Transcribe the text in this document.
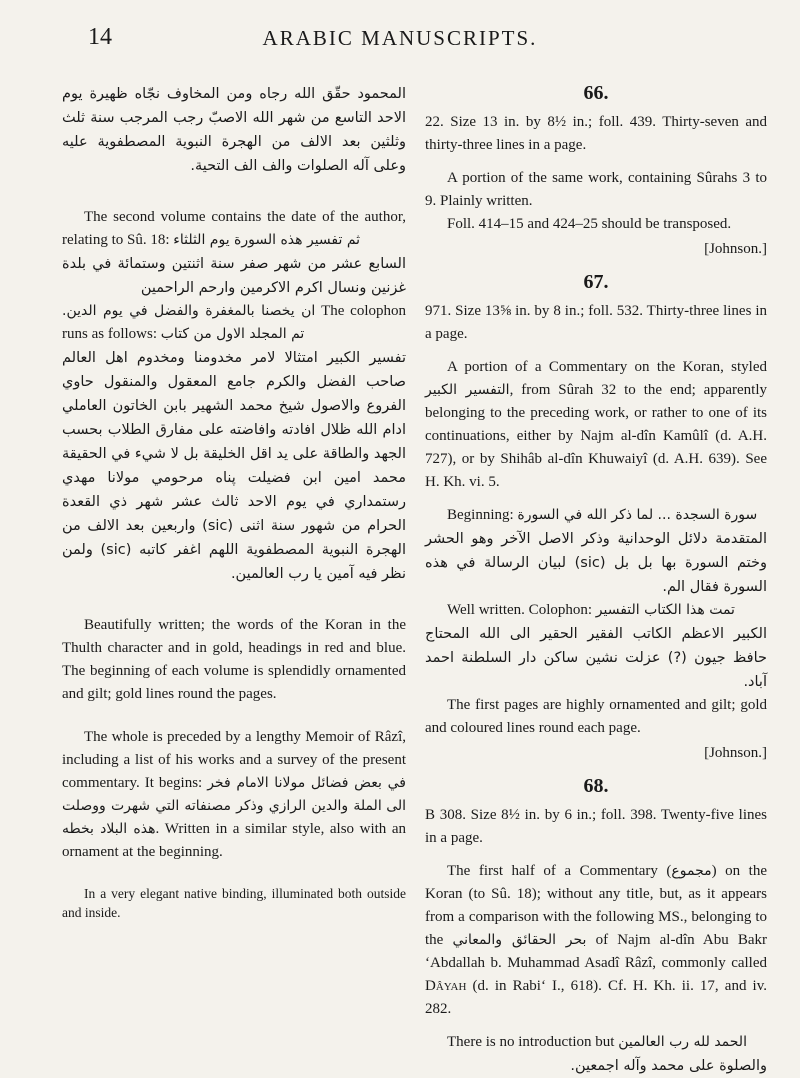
14	ARABIC MANUSCRIPTS.

المحمود حقّق الله رجاه ومن المخاوف نجّاه ظهيرة يوم الاحد التاسع من شهر الله الاصبّ رجب المرجب سنة ثلث وثلثين بعد الالف من الهجرة النبوية المصطفوية عليه وعلى آله الصلوات والف الف التحية.

The second volume contains the date of the author, relating to Sû. 18: ثم تفسير هذه السورة يوم الثلثاء

السابع عشر من شهر صفر سنة اثنتين وستمائة في بلدة غزنين ونسال اكرم الاكرمين وارحم الراحمين

ان يخصنا بالمغفرة والفضل في يوم الدين. The colophon runs as follows: تم المجلد الاول من كتاب

تفسير الكبير امتثالا لامر مخدومنا ومخدوم اهل العالم صاحب الفضل والكرم جامع المعقول والمنقول حاوي الفروع والاصول شيخ محمد الشهير بابن الخاتون العاملي ادام الله ظلال افادته وافاضته على مفارق الطلاب بحسب الجهد والطاقة على يد اقل الخليقة بل لا شيء في الحقيقة محمد امين ابن فضيلت پناه مرحومي مولانا مهدي رستمداري في يوم الاحد ثالث عشر شهر ذي القعدة الحرام من شهور سنة اثنى (sic) واربعين بعد الالف من الهجرة النبوية المصطفوية اللهم اغفر كاتبه (sic) ولمن نظر فيه آمين يا رب العالمين.

Beautifully written; the words of the Koran in the Thulth character and in gold, headings in red and blue. The beginning of each volume is splendidly ornamented and gilt; gold lines round the pages.

The whole is preceded by a lengthy Memoir of Râzî, including a list of his works and a survey of the present commentary. It begins: في بعض فضائل مولانا الامام فخر الملة والدين الرازي وذكر مصنفاته التي شهرت ووصلت الى هذه البلاد بخطه. Written in a similar style, also with an ornament at the beginning.

In a very elegant native binding, illuminated both outside and inside.

66.

22. Size 13 in. by 8½ in.; foll. 439. Thirty-seven and thirty-three lines in a page.

A portion of the same work, containing Sûrahs 3 to 9. Plainly written.

Foll. 414–15 and 424–25 should be transposed.

[Johnson.]

67.

971. Size 13⅝ in. by 8 in.; foll. 532. Thirty-three lines in a page.

A portion of a Commentary on the Koran, styled التفسير الكبير, from Sûrah 32 to the end; apparently belonging to the preceding work, or rather to one of its continuations, either by Najm al-dîn Kamûlî (d. A.H. 727), or by Shihâb al-dîn Khuwaiyî (d. A.H. 639). See H. Kh. vi. 5.

Beginning: سورة السجدة ... لما ذكر الله في السورة

المتقدمة دلائل الوحدانية وذكر الاصل الآخر وهو الحشر وختم السورة بها بل بل (sic) لبيان الرسالة في هذه السورة فقال الم.

Well written. Colophon: تمت هذا الكتاب التفسير

الكبير الاعظم الكاتب الفقير الحقير الى الله المحتاج حافظ جيون (?) عزلت نشين ساكن دار السلطنة احمد آباد.

The first pages are highly ornamented and gilt; gold and coloured lines round each page.

[Johnson.]

68.

B 308. Size 8½ in. by 6 in.; foll. 398. Twenty-five lines in a page.

The first half of a Commentary (مجموع) on the Koran (to Sû. 18); without any title, but, as it appears from a comparison with the following MS., belonging to the بحر الحقائق والمعاني of Najm al-dîn Abu Bakr ‘Abdallah b. Muhammad Asadî Râzî, commonly called Dâyah (d. in Rabi‘ I., 618). Cf. H. Kh. ii. 17, and iv. 282.

There is no introduction but الحمد لله رب العالمين

والصلوة على محمد وآله اجمعين.
